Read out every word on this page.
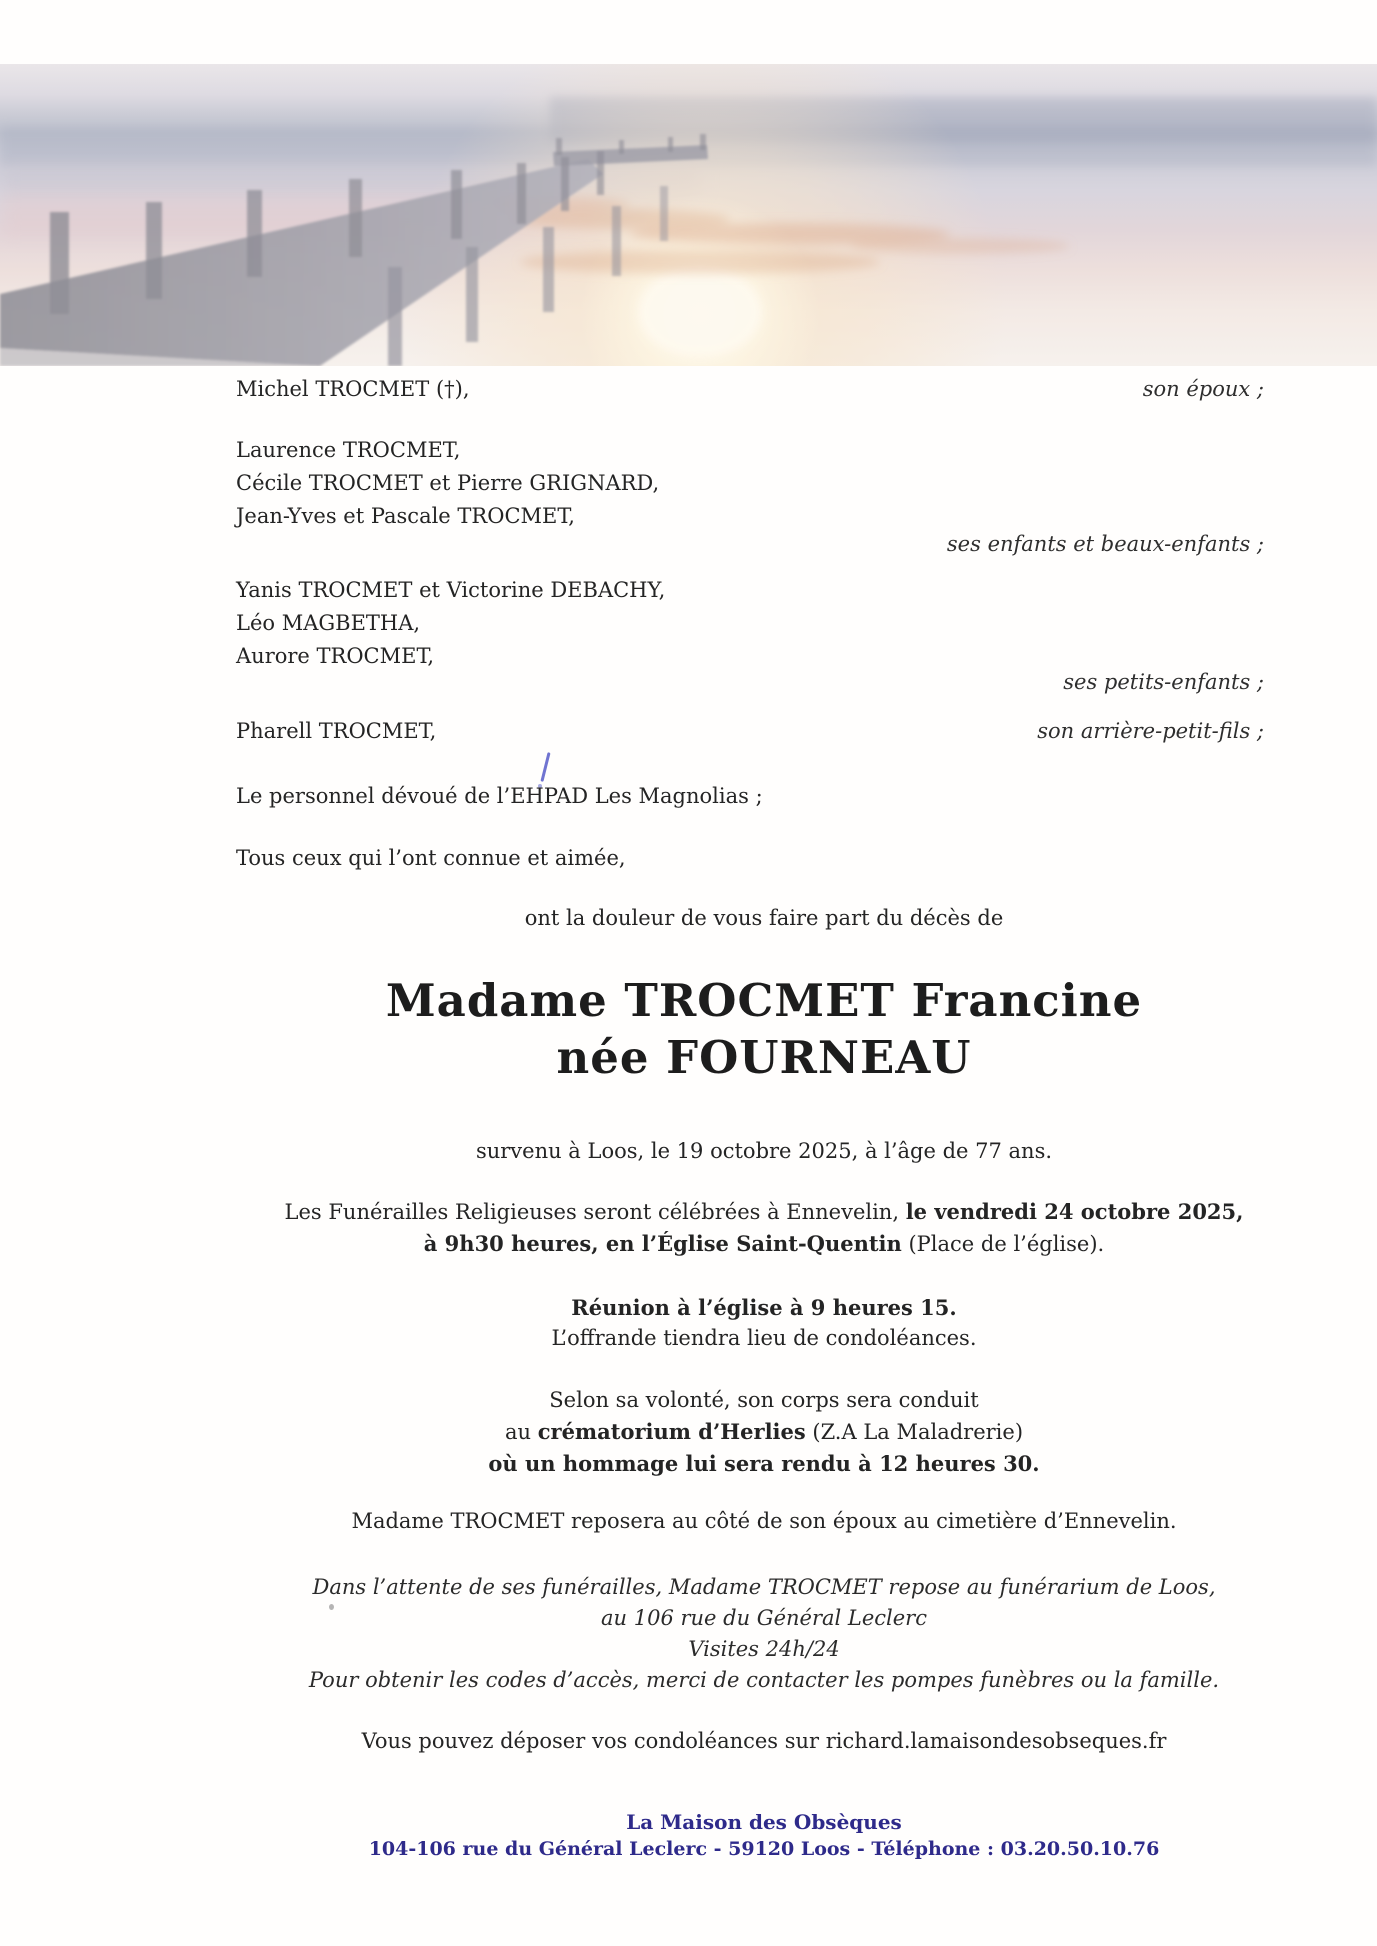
Michel TROCMET (†),	son époux ;
Laurence TROCMET,
Cécile TROCMET et Pierre GRIGNARD,
Jean-Yves et Pascale TROCMET,
ses enfants et beaux-enfants ;
Yanis TROCMET et Victorine DEBACHY,
Léo MAGBETHA,
Aurore TROCMET,
ses petits-enfants ;
Pharell TROCMET,	son arrière-petit-fils ;
Le personnel dévoué de l’EHPAD Les Magnolias ;
Tous ceux qui l’ont connue et aimée,
ont la douleur de vous faire part du décès de
Madame TROCMET Francine
née FOURNEAU
survenu à Loos, le 19 octobre 2025, à l’âge de 77 ans.
Les Funérailles Religieuses seront célébrées à Ennevelin, le vendredi 24 octobre 2025,
à 9h30 heures, en l’Église Saint-Quentin (Place de l’église).
Réunion à l’église à 9 heures 15.
L’offrande tiendra lieu de condoléances.
Selon sa volonté, son corps sera conduit
au crématorium d’Herlies (Z.A La Maladrerie)
où un hommage lui sera rendu à 12 heures 30.
Madame TROCMET reposera au côté de son époux au cimetière d’Ennevelin.
Dans l’attente de ses funérailles, Madame TROCMET repose au funérarium de Loos,
au 106 rue du Général Leclerc
Visites 24h/24
Pour obtenir les codes d’accès, merci de contacter les pompes funèbres ou la famille.
Vous pouvez déposer vos condoléances sur richard.lamaisondesobseques.fr
La Maison des Obsèques
104-106 rue du Général Leclerc - 59120 Loos - Téléphone : 03.20.50.10.76
